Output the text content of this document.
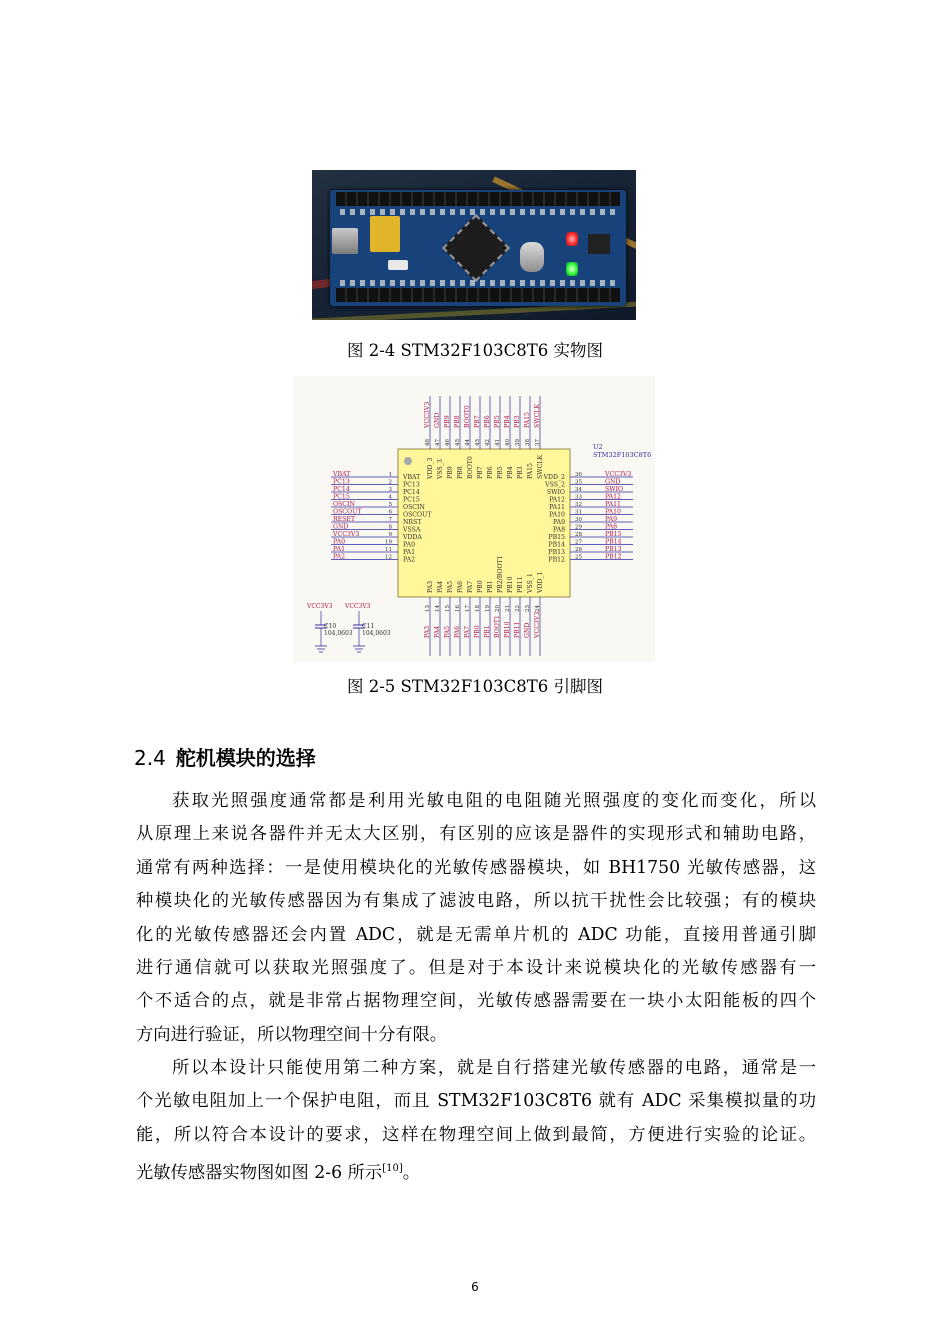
图 2-4 STM32F103C8T6 实物图
U2
STM32F103C8T6
VBAT	1 VBAT
PC13	2 PC13
PC14	3 PC14
PC15	4 PC15
OSCIN	5 OSCIN
OSCOUT	6 OSCOUT
RESET	7 NRST
GND	8 VSSA
VCC3V3	9 VDDA
PA0	10 PA0
PA1	11 PA1
PA2	12 PA2
VCC3V3
36
VDD_2
GND
35
VSS_2
SWIO
34
SWIO
PA12
33
PA12
PA11
32
PA11
PA10
31
PA10
PA9
30
PA9
PA8
29
PA8
PB15
28
PB15
PB14
27
PB14
PB13
26
PB13
PB12
25
PB12
VCC3V3
48
VDD_3
GND
47
VSS_3
PB9
46
PB9
PB8
45
PB8
BOOT0
44
BOOT0
PB7
43
PB7
PB6
42
PB6
PB5
41
PB5
PB4
40
PB4
PB3
39
PB3
PA15
38
PA15
SWCLK
37
SWCLK
PA3
13
PA3
PA4
14
PA4
PA5
15
PA5
PA6
16
PA6
PA7
17
PA7
PB0
18
PB0
PB1
19
PB1
PB2/BOOT1
20
BOOT1
PB10
21
PB10
PB11
22
PB11
VSS_1
23
GND
VDD_1
24
VCC3V3
VCC3V3
C10
104,0603
VCC3V3
C11
104,0603
图 2-5 STM32F103C8T6 引脚图
2.4 舵机模块的选择
获取光照强度通常都是利用光敏电阻的电阻随光照强度的变化而变化，所以
从原理上来说各器件并无太大区别，有区别的应该是器件的实现形式和辅助电路，
通常有两种选择：一是使用模块化的光敏传感器模块，如 BH1750 光敏传感器，这
种模块化的光敏传感器因为有集成了滤波电路，所以抗干扰性会比较强；有的模块
化的光敏传感器还会内置 ADC，就是无需单片机的 ADC 功能，直接用普通引脚
进行通信就可以获取光照强度了。但是对于本设计来说模块化的光敏传感器有一
个不适合的点，就是非常占据物理空间，光敏传感器需要在一块小太阳能板的四个
方向进行验证，所以物理空间十分有限。
所以本设计只能使用第二种方案，就是自行搭建光敏传感器的电路，通常是一
个光敏电阻加上一个保护电阻，而且 STM32F103C8T6 就有 ADC 采集模拟量的功
能，所以符合本设计的要求，这样在物理空间上做到最简，方便进行实验的论证。
光敏传感器实物图如图 2-6 所示[10]。
6
